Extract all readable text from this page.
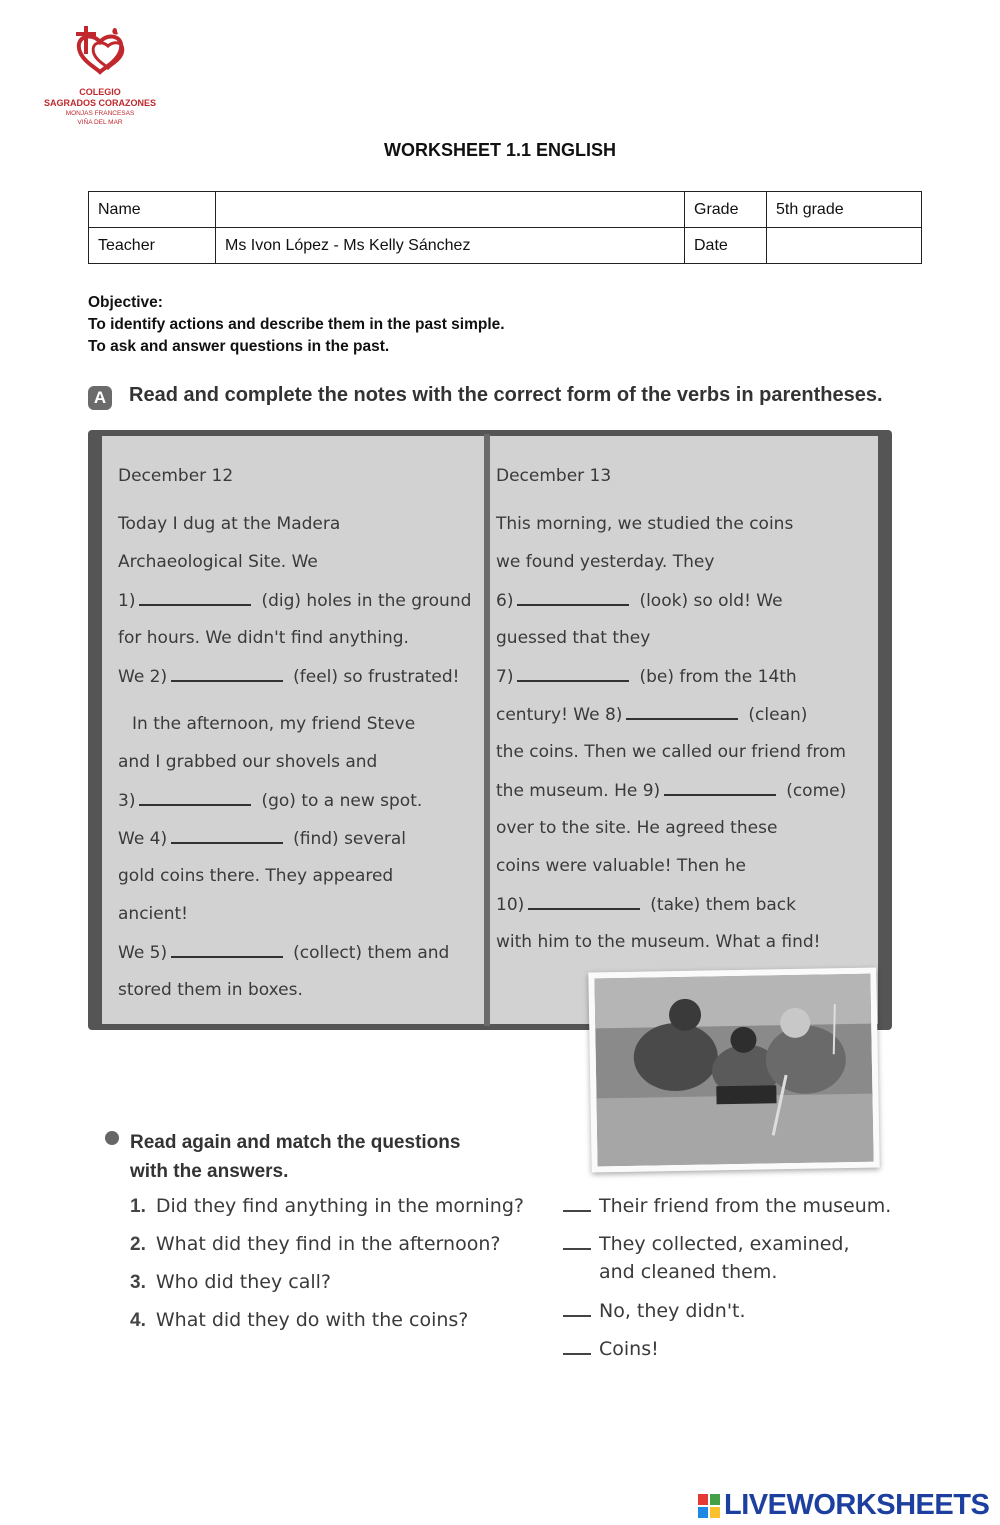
COLEGIO
SAGRADOS CORAZONES
MONJAS FRANCESAS
VIÑA DEL MAR
WORKSHEET 1.1 ENGLISH
Name		Grade	5th grade
Teacher	Ms Ivon López - Ms Kelly Sánchez	Date	
Objective:
To identify actions and describe them in the past simple.
To ask and answer questions in the past.
A Read and complete the notes with the correct form of the verbs in parentheses.
December 12
Today I dug at the Madera
Archaeological Site. We
1)	(dig) holes in the ground
for hours. We didn't find anything.
We 2)	(feel) so frustrated!
In the afternoon, my friend Steve
and I grabbed our shovels and
3)	(go) to a new spot.
We 4)	(find) several
gold coins there. They appeared
ancient!
We 5)	(collect) them and
stored them in boxes.
December 13
This morning, we studied the coins
we found yesterday. They
6)	(look) so old! We
guessed that they
7)	(be) from the 14th
century! We 8)	(clean)
the coins. Then we called our friend from
the museum. He 9)	(come)
over to the site. He agreed these
coins were valuable! Then he
10)	(take) them back
with him to the museum. What a find!
Read again and match the questions
with the answers.
1. Did they find anything in the morning?
2. What did they find in the afternoon?
3. Who did they call?
4. What did they do with the coins?
Their friend from the museum.
They collected, examined,
and cleaned them.
No, they didn't.
Coins!
LIVEWORKSHEETS
